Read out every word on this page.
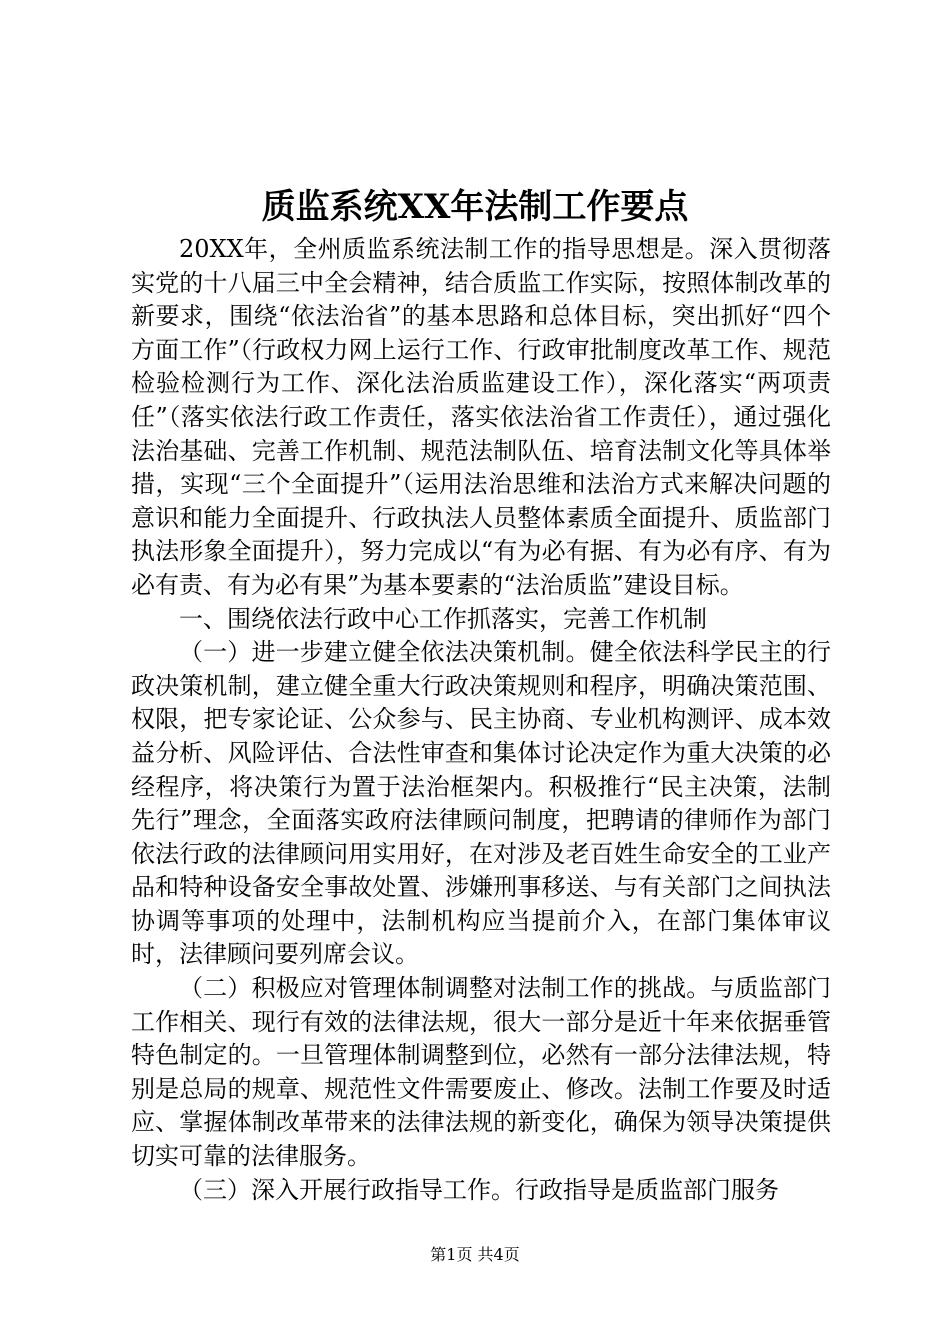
质监系统XX年法制工作要点

20XX年，全州质监系统法制工作的指导思想是。深入贯彻落实党的十八届三中全会精神，结合质监工作实际，按照体制改革的新要求，围绕“依法治省”的基本思路和总体目标，突出抓好“四个方面工作”（行政权力网上运行工作、行政审批制度改革工作、规范检验检测行为工作、深化法治质监建设工作），深化落实“两项责任”（落实依法行政工作责任，落实依法治省工作责任），通过强化法治基础、完善工作机制、规范法制队伍、培育法制文化等具体举措，实现“三个全面提升”（运用法治思维和法治方式来解决问题的意识和能力全面提升、行政执法人员整体素质全面提升、质监部门执法形象全面提升），努力完成以“有为必有据、有为必有序、有为必有责、有为必有果”为基本要素的“法治质监”建设目标。

一、围绕依法行政中心工作抓落实，完善工作机制

（一）进一步建立健全依法决策机制。健全依法科学民主的行政决策机制，建立健全重大行政决策规则和程序，明确决策范围、权限，把专家论证、公众参与、民主协商、专业机构测评、成本效益分析、风险评估、合法性审查和集体讨论决定作为重大决策的必经程序，将决策行为置于法治框架内。积极推行“民主决策，法制先行”理念，全面落实政府法律顾问制度，把聘请的律师作为部门依法行政的法律顾问用实用好，在对涉及老百姓生命安全的工业产品和特种设备安全事故处置、涉嫌刑事移送、与有关部门之间执法协调等事项的处理中，法制机构应当提前介入，在部门集体审议时，法律顾问要列席会议。

（二）积极应对管理体制调整对法制工作的挑战。与质监部门工作相关、现行有效的法律法规，很大一部分是近十年来依据垂管特色制定的。一旦管理体制调整到位，必然有一部分法律法规，特别是总局的规章、规范性文件需要废止、修改。法制工作要及时适应、掌握体制改革带来的法律法规的新变化，确保为领导决策提供切实可靠的法律服务。

（三）深入开展行政指导工作。行政指导是质监部门服务

第1页 共4页
